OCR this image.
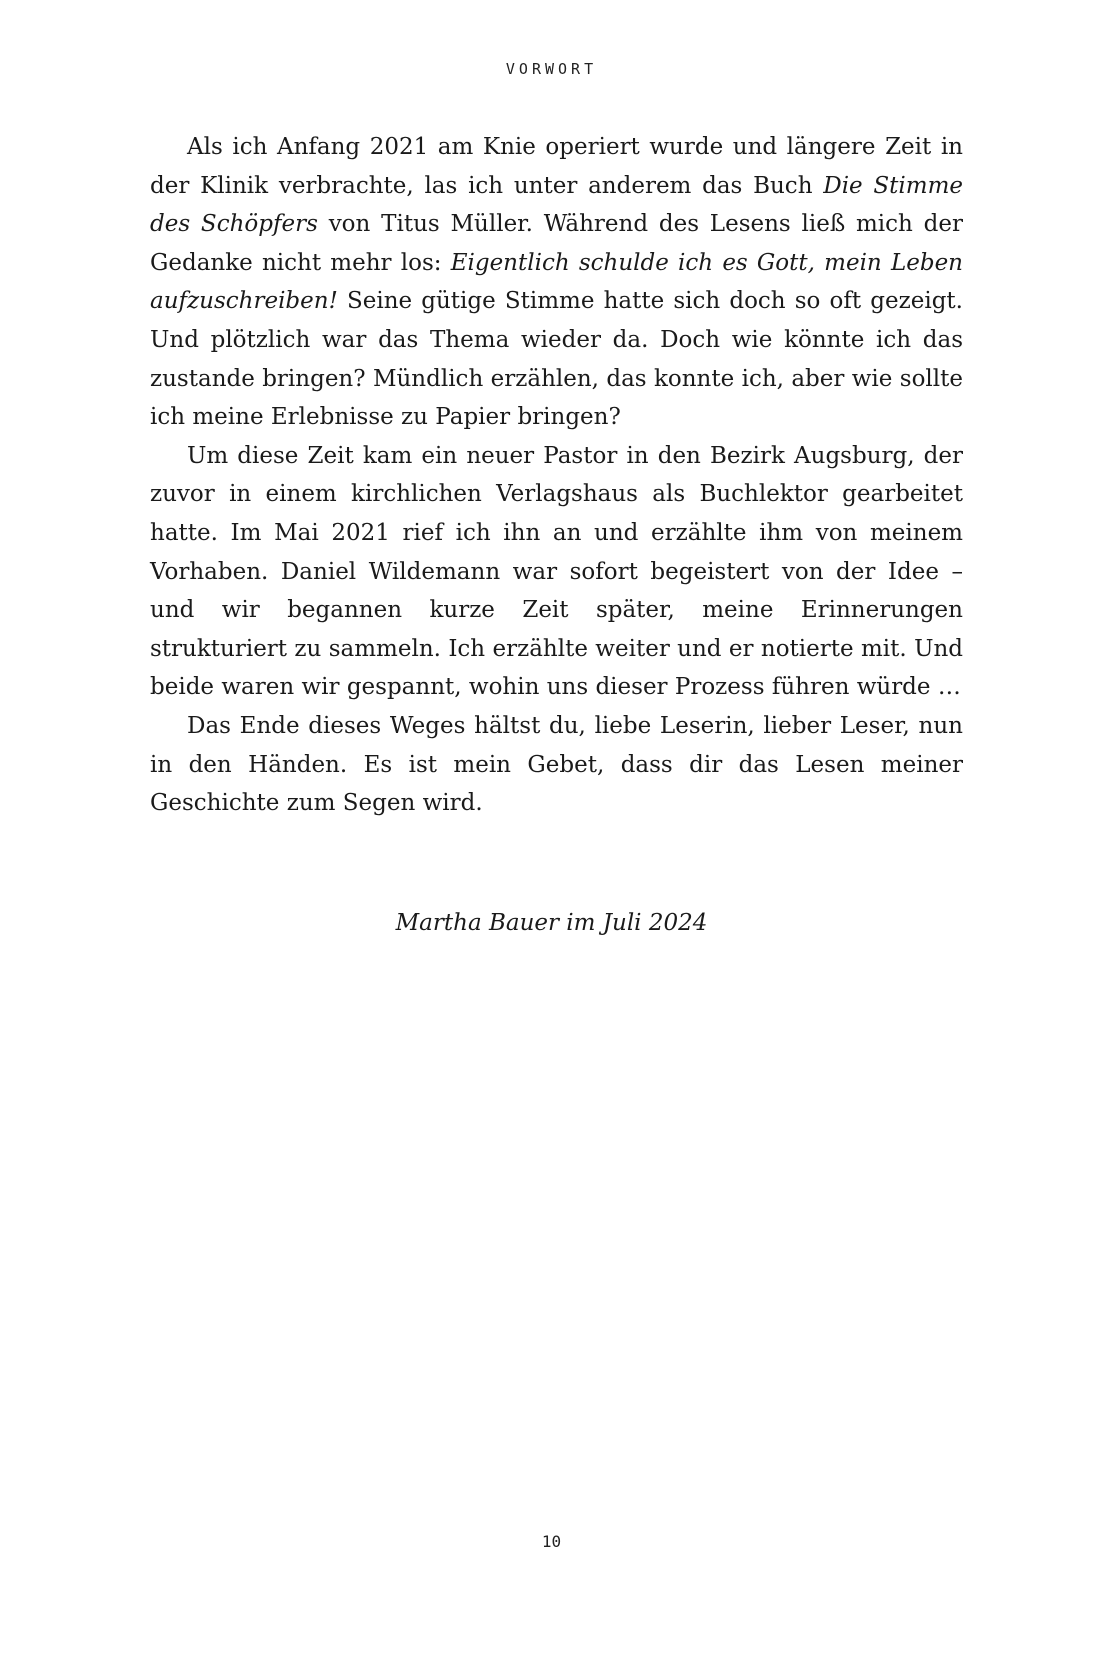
VORWORT

Als ich Anfang 2021 am Knie operiert wurde und längere Zeit in der Klinik verbrachte, las ich unter anderem das Buch Die Stimme des Schöpfers von Titus Müller. Während des Lesens ließ mich der Gedanke nicht mehr los: Eigentlich schulde ich es Gott, mein Leben aufzuschreiben! Seine gütige Stimme hatte sich doch so oft gezeigt. Und plötzlich war das Thema wieder da. Doch wie könnte ich das zustande bringen? Mündlich erzählen, das konnte ich, aber wie sollte ich meine Erlebnisse zu Papier bringen?

Um diese Zeit kam ein neuer Pastor in den Bezirk Augsburg, der zuvor in einem kirchlichen Verlagshaus als Buchlektor gearbeitet hatte. Im Mai 2021 rief ich ihn an und erzählte ihm von meinem Vorhaben. Daniel Wildemann war sofort begeistert von der Idee – und wir begannen kurze Zeit später, meine Erinnerungen strukturiert zu sammeln. Ich erzählte weiter und er notierte mit. Und beide waren wir gespannt, wohin uns dieser Prozess führen würde …

Das Ende dieses Weges hältst du, liebe Leserin, lieber Leser, nun in den Händen. Es ist mein Gebet, dass dir das Lesen meiner Geschichte zum Segen wird.

Martha Bauer im Juli 2024
10
